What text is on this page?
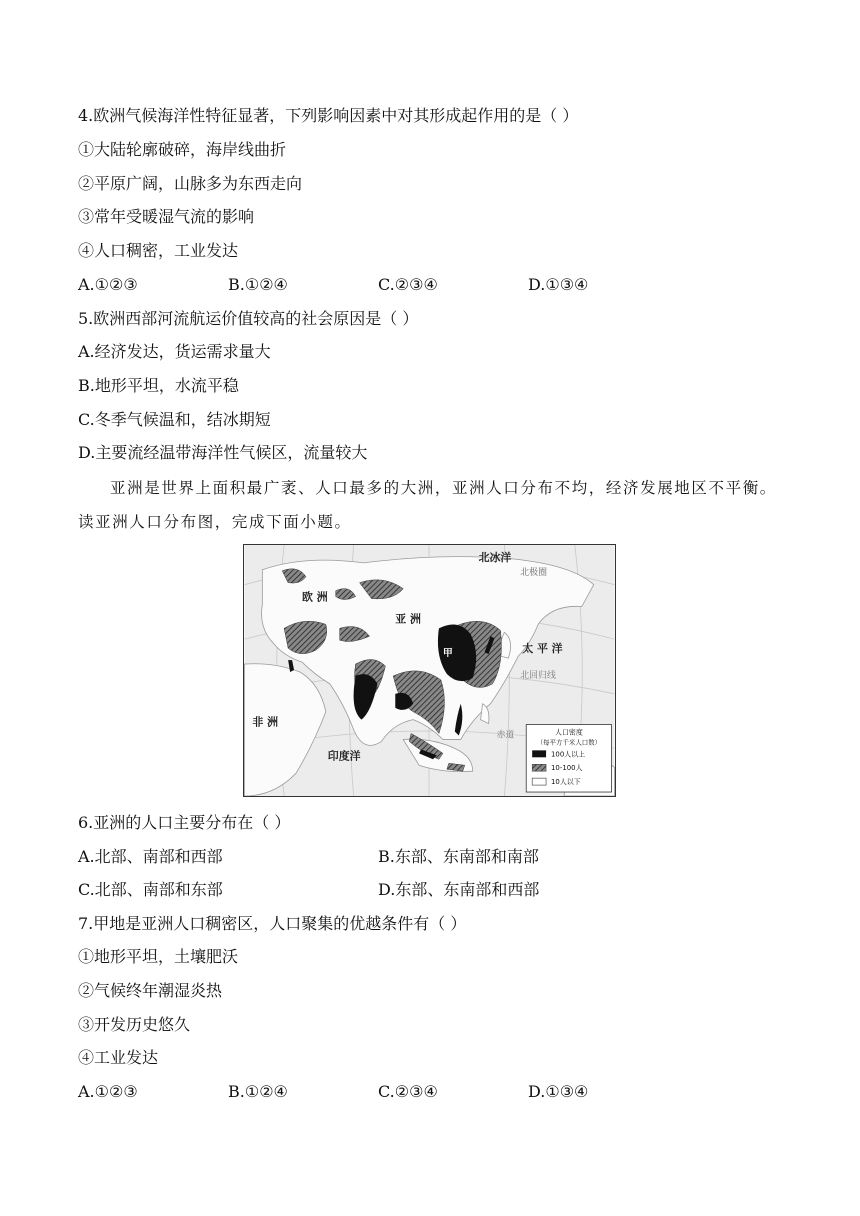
4.欧洲气候海洋性特征显著，下列影响因素中对其形成起作用的是（ ）
①大陆轮廓破碎，海岸线曲折
②平原广阔，山脉多为东西走向
③常年受暖湿气流的影响
④人口稠密，工业发达
A.①②③	B.①②④	C.②③④	D.①③④
5.欧洲西部河流航运价值较高的社会原因是（ ）
A.经济发达，货运需求量大
B.地形平坦，水流平稳
C.冬季气候温和，结冰期短
D.主要流经温带海洋性气候区，流量较大
亚洲是世界上面积最广袤、人口最多的大洲，亚洲人口分布不均，经济发展地区不平衡。读亚洲人口分布图，完成下面小题。
北冰洋
北极圈
欧 洲
亚 洲
甲	太 平 洋
北回归线
非 洲
赤道
印度洋
人口密度
（每平方千米人口数）
100人以上
10-100人
10人以下
6.亚洲的人口主要分布在（ ）
A.北部、南部和西部	B.东部、东南部和南部
C.北部、南部和东部	D.东部、东南部和西部
7.甲地是亚洲人口稠密区，人口聚集的优越条件有（ ）
①地形平坦，土壤肥沃
②气候终年潮湿炎热
③开发历史悠久
④工业发达
A.①②③	B.①②④	C.②③④	D.①③④
